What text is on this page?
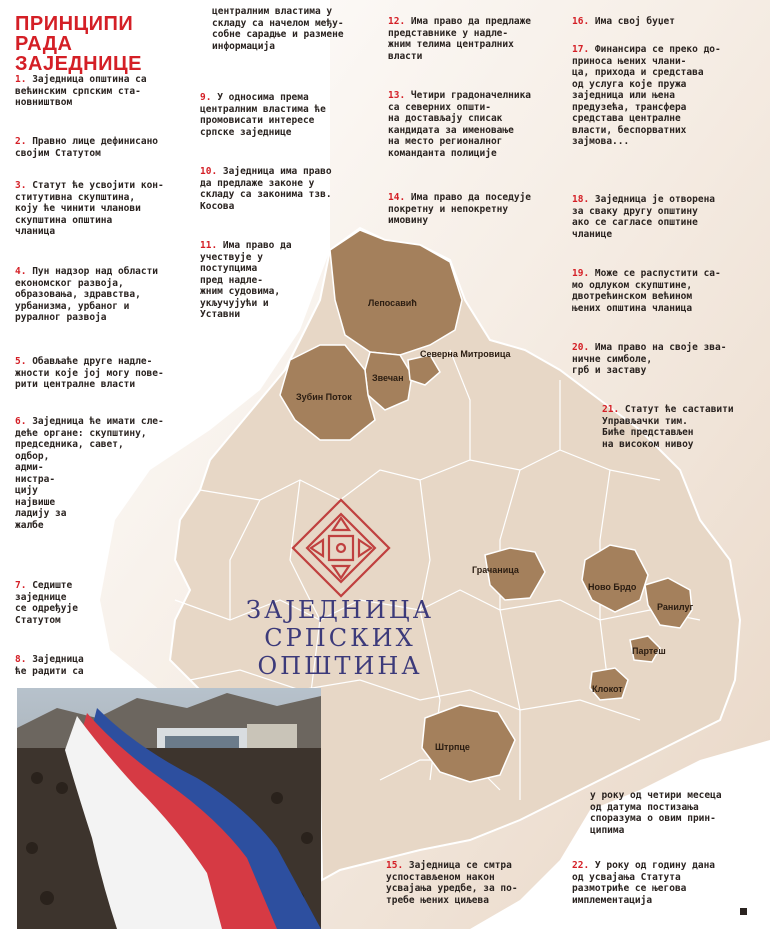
ПРИНЦИПИ РАДА
ЗАЈЕДНИЦЕ
1. Заједница општина са
већинским српским ста-
новништвом
2. Правно лице дефинисано
својим Статутом
3. Статут ће усвојити кон-
ститутивна скупштина,
коју ће чинити чланови
скупштина општина
чланица
4. Пун надзор над области
економског развоја,
образовања, здравства,
урбанизма, урбаног и
руралног развоја
5. Обављаће друге надле-
жности које јој могу пове-
рити централне власти
6. Заједница ће имати сле-
деће органе: скупштину,
председника, савет,
одбор,
адми-
нистра-
цију
највише
ладију за
жалбе
7. Седиште
заједнице
се одређује
Статутом
8. Заједница
ће радити са
централним властима у
складу са начелом међу-
собне сарадње и размене
информација
9. У односима према
централним властима ће
промовисати интересе
српске заједнице
10. Заједница има право
да предлаже законе у
складу са законима тзв.
Косова
11. Има право да
учествује у
поступцима
пред надле-
жним судовима,
укључујући и
Уставни
12. Има право да предлаже
представнике у надле-
жним телима централних
власти
13. Четири градоначелника
са северних општи-
на достављају списак
кандидата за именовање
на место регионалног
команданта полиције
14. Има право да поседује
покретну и непокретну
имовину
16. Има свој буџет
17. Финансира се преко до-
приноса њених члани-
ца, прихода и средстава
од услуга које пружа
заједница или њена
предузећа, трансфера
средстава централне
власти, беспорватних
зајмова...
18. Заједница је отворена
за сваку другу општину
ако се сагласе општине
чланице
19. Може се распустити са-
мо одлуком скупштине,
двотрећинском већином
њених општина чланица
20. Има право на своје зва-
ничне симболе,
грб и заставу
21. Статут ће саставити
Управљачки тим.
Биће представљен
на високом нивоу
у року од четири месеца
од датума постизања
споразума о овим прин-
ципима
15. Заједница се смтра
успостављеном након
усвајања уредбе, за по-
требе њених циљева
22. У року од годину дана
од усвајања Статута
размотриће се његова
имплементација
Лепосавић
Северна Митровица
Звечан
Зубин Поток
Грачаница
Ново Брдо
Ранилуг
Партеш
Клокот
Штрпце
ЗАЈЕДНИЦА
СРПСКИХ
ОПШТИНА
